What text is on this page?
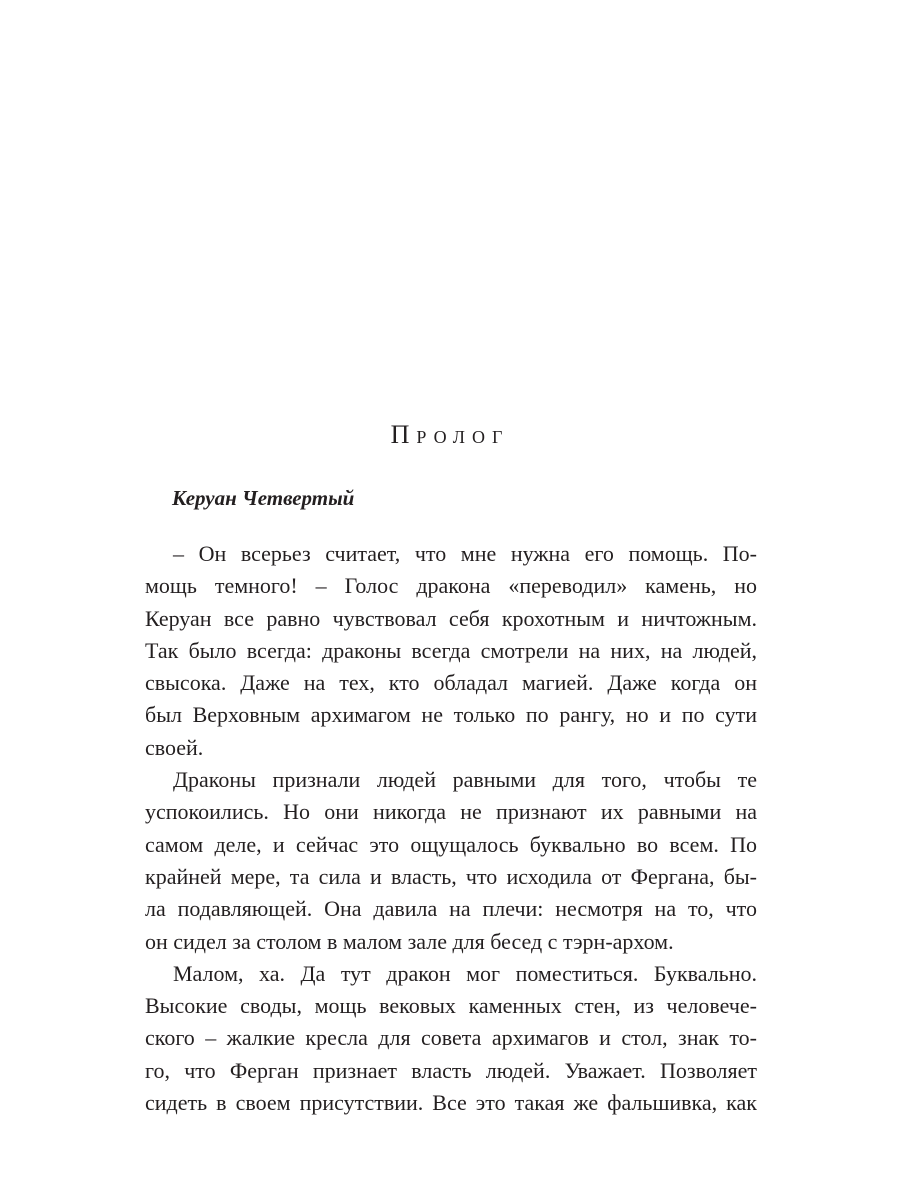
Пролог
Керуан Четвертый
– Он всерьез считает, что мне нужна его помощь. По-
мощь темного! – Голос дракона «переводил» камень, но
Керуан все равно чувствовал себя крохотным и ничтожным.
Так было всегда: драконы всегда смотрели на них, на людей,
свысока. Даже на тех, кто обладал магией. Даже когда он
был Верховным архимагом не только по рангу, но и по сути
своей.
Драконы признали людей равными для того, чтобы те
успокоились. Но они никогда не признают их равными на
самом деле, и сейчас это ощущалось буквально во всем. По
крайней мере, та сила и власть, что исходила от Фергана, бы-
ла подавляющей. Она давила на плечи: несмотря на то, что
он сидел за столом в малом зале для бесед с тэрн-архом.
Малом, ха. Да тут дракон мог поместиться. Буквально.
Высокие своды, мощь вековых каменных стен, из человече-
ского – жалкие кресла для совета архимагов и стол, знак то-
го, что Ферган признает власть людей. Уважает. Позволяет
сидеть в своем присутствии. Все это такая же фальшивка, как
